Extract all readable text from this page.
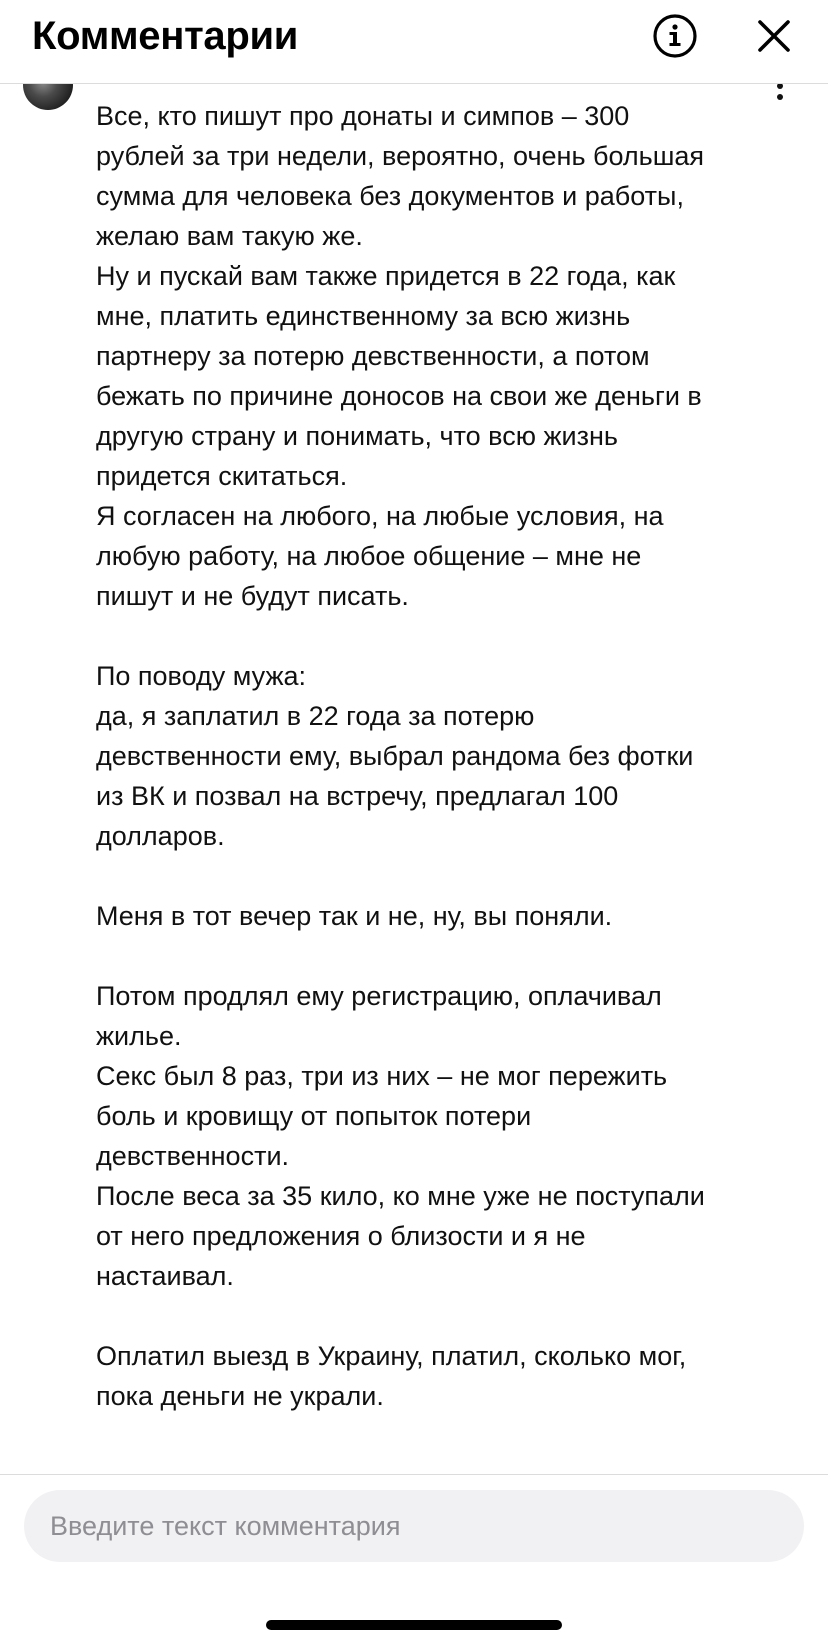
Все, кто пишут про донаты и симпов – 300
рублей за три недели, вероятно, очень большая
сумма для человека без документов и работы,
желаю вам такую же.

Ну и пускай вам также придется в 22 года, как
мне, платить единственному за всю жизнь
партнеру за потерю девственности, а потом
бежать по причине доносов на свои же деньги в
другую страну и понимать, что всю жизнь
придется скитаться.

Я согласен на любого, на любые условия, на
любую работу, на любое общение – мне не
пишут и не будут писать.

По поводу мужа:
да, я заплатил в 22 года за потерю
девственности ему, выбрал рандома без фотки
из ВК и позвал на встречу, предлагал 100
долларов.

Меня в тот вечер так и не, ну, вы поняли.

Потом продлял ему регистрацию, оплачивал
жилье.

Секс был 8 раз, три из них – не мог пережить
боль и кровищу от попыток потери
девственности.

После веса за 35 кило, ко мне уже не поступали
от него предложения о близости и я не
настаивал.

Оплатил выезд в Украину, платил, сколько мог,
пока деньги не украли.

Комментарии
Введите текст комментария
